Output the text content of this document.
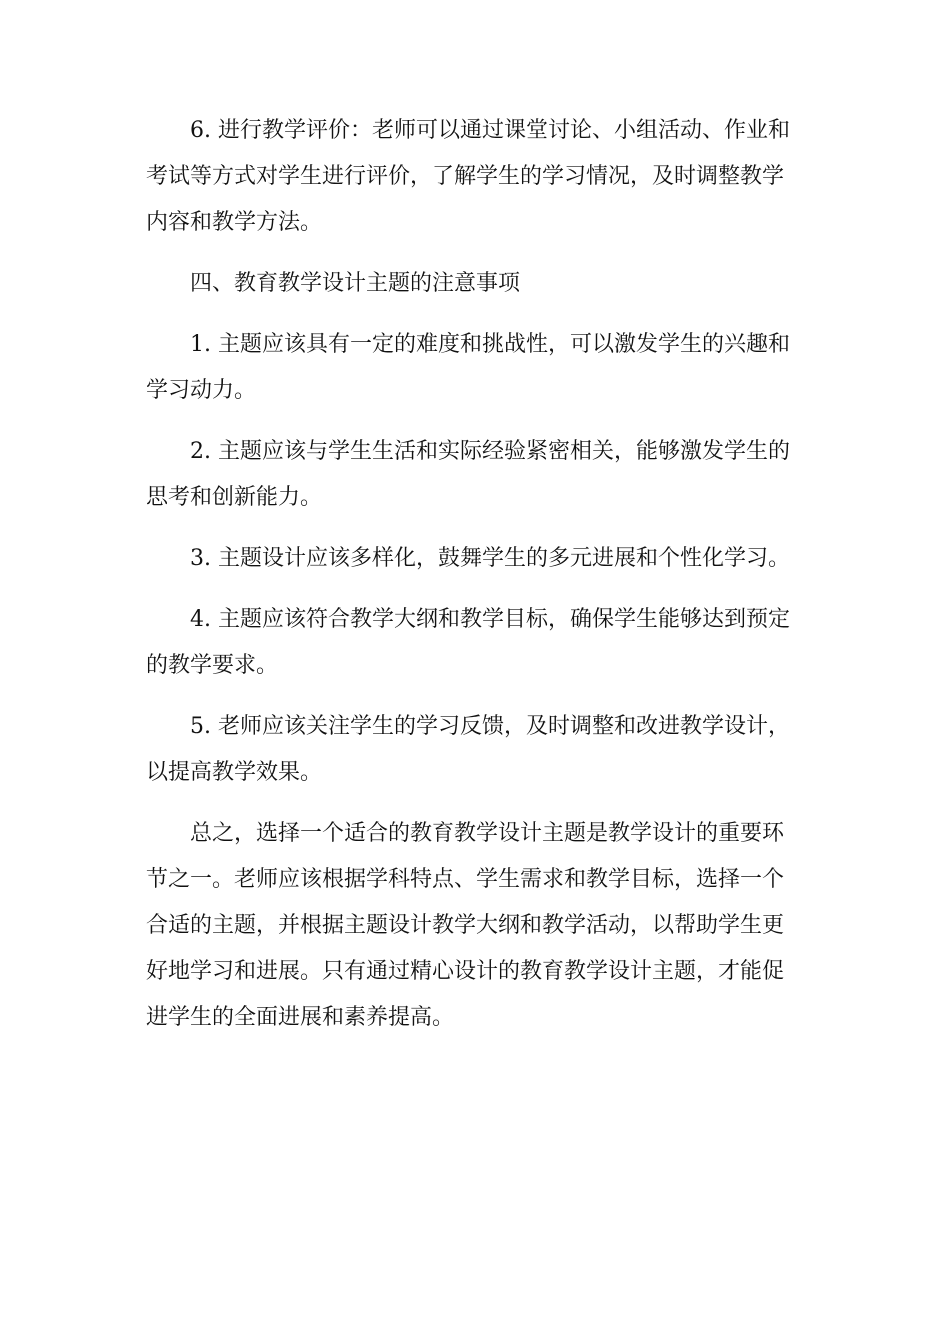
6. 进行教学评价：老师可以通过课堂讨论、小组活动、作业和考试等方式对学生进行评价，了解学生的学习情况，及时调整教学内容和教学方法。

四、教育教学设计主题的注意事项

1. 主题应该具有一定的难度和挑战性，可以激发学生的兴趣和学习动力。

2. 主题应该与学生生活和实际经验紧密相关，能够激发学生的思考和创新能力。

3. 主题设计应该多样化，鼓舞学生的多元进展和个性化学习。

4. 主题应该符合教学大纲和教学目标，确保学生能够达到预定的教学要求。

5. 老师应该关注学生的学习反馈，及时调整和改进教学设计，以提高教学效果。

总之，选择一个适合的教育教学设计主题是教学设计的重要环节之一。老师应该根据学科特点、学生需求和教学目标，选择一个合适的主题，并根据主题设计教学大纲和教学活动，以帮助学生更好地学习和进展。只有通过精心设计的教育教学设计主题，才能促进学生的全面进展和素养提高。
